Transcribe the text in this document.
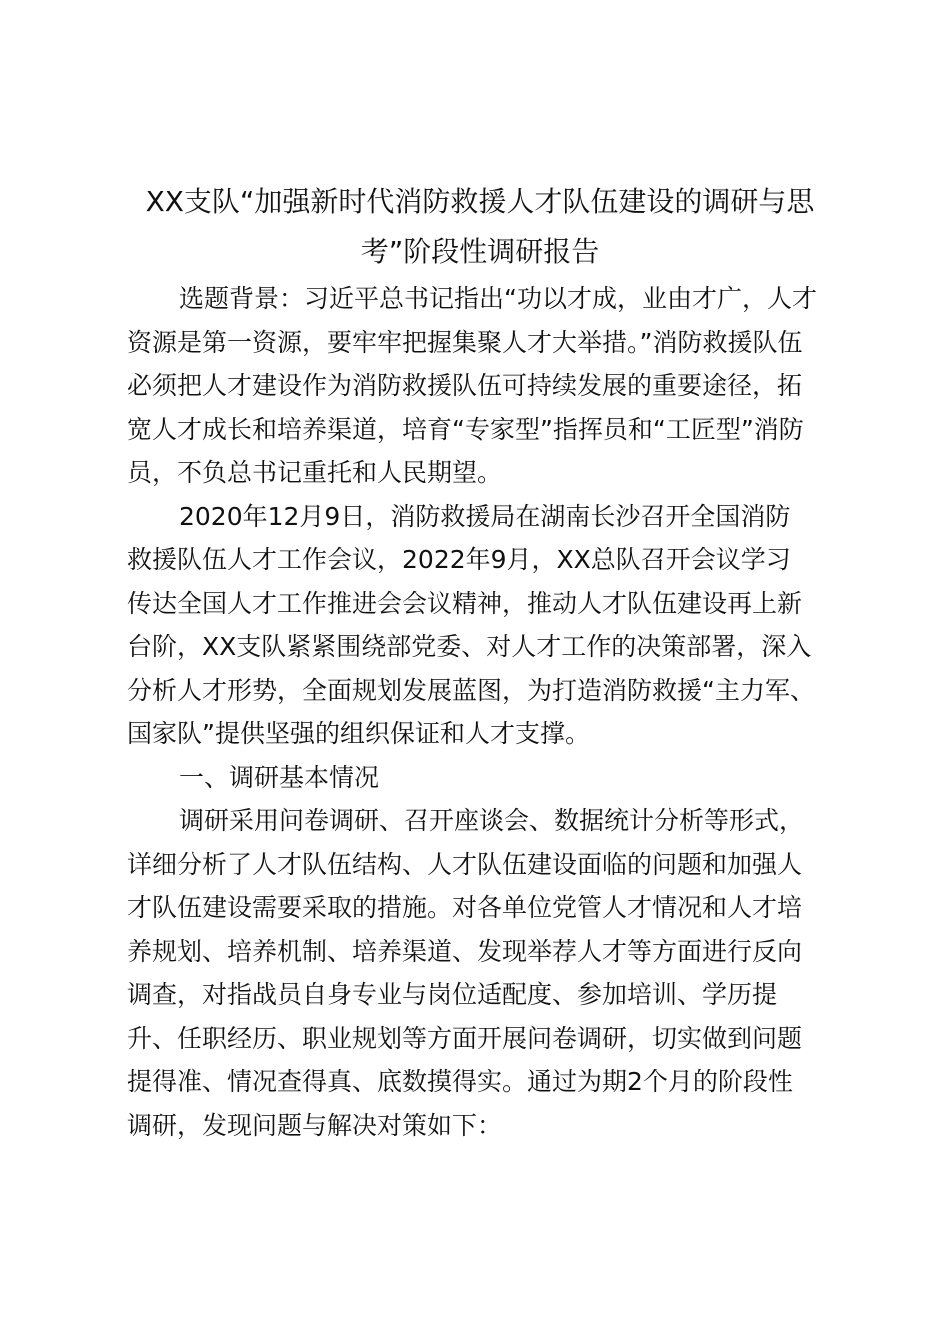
XX支队“加强新时代消防救援人才队伍建设的调研与思
考”阶段性调研报告
选题背景：习近平总书记指出“功以才成，业由才广，人才
资源是第一资源，要牢牢把握集聚人才大举措。”消防救援队伍
必须把人才建设作为消防救援队伍可持续发展的重要途径，拓
宽人才成长和培养渠道，培育“专家型”指挥员和“工匠型”消防
员，不负总书记重托和人民期望。
2020年12月9日，消防救援局在湖南长沙召开全国消防
救援队伍人才工作会议，2022年9月，XX总队召开会议学习
传达全国人才工作推进会会议精神，推动人才队伍建设再上新
台阶，XX支队紧紧围绕部党委、对人才工作的决策部署，深入
分析人才形势，全面规划发展蓝图，为打造消防救援“主力军、
国家队”提供坚强的组织保证和人才支撑。
一、调研基本情况
调研采用问卷调研、召开座谈会、数据统计分析等形式，
详细分析了人才队伍结构、人才队伍建设面临的问题和加强人
才队伍建设需要采取的措施。对各单位党管人才情况和人才培
养规划、培养机制、培养渠道、发现举荐人才等方面进行反向
调查，对指战员自身专业与岗位适配度、参加培训、学历提
升、任职经历、职业规划等方面开展问卷调研，切实做到问题
提得准、情况查得真、底数摸得实。通过为期2个月的阶段性
调研，发现问题与解决对策如下：
